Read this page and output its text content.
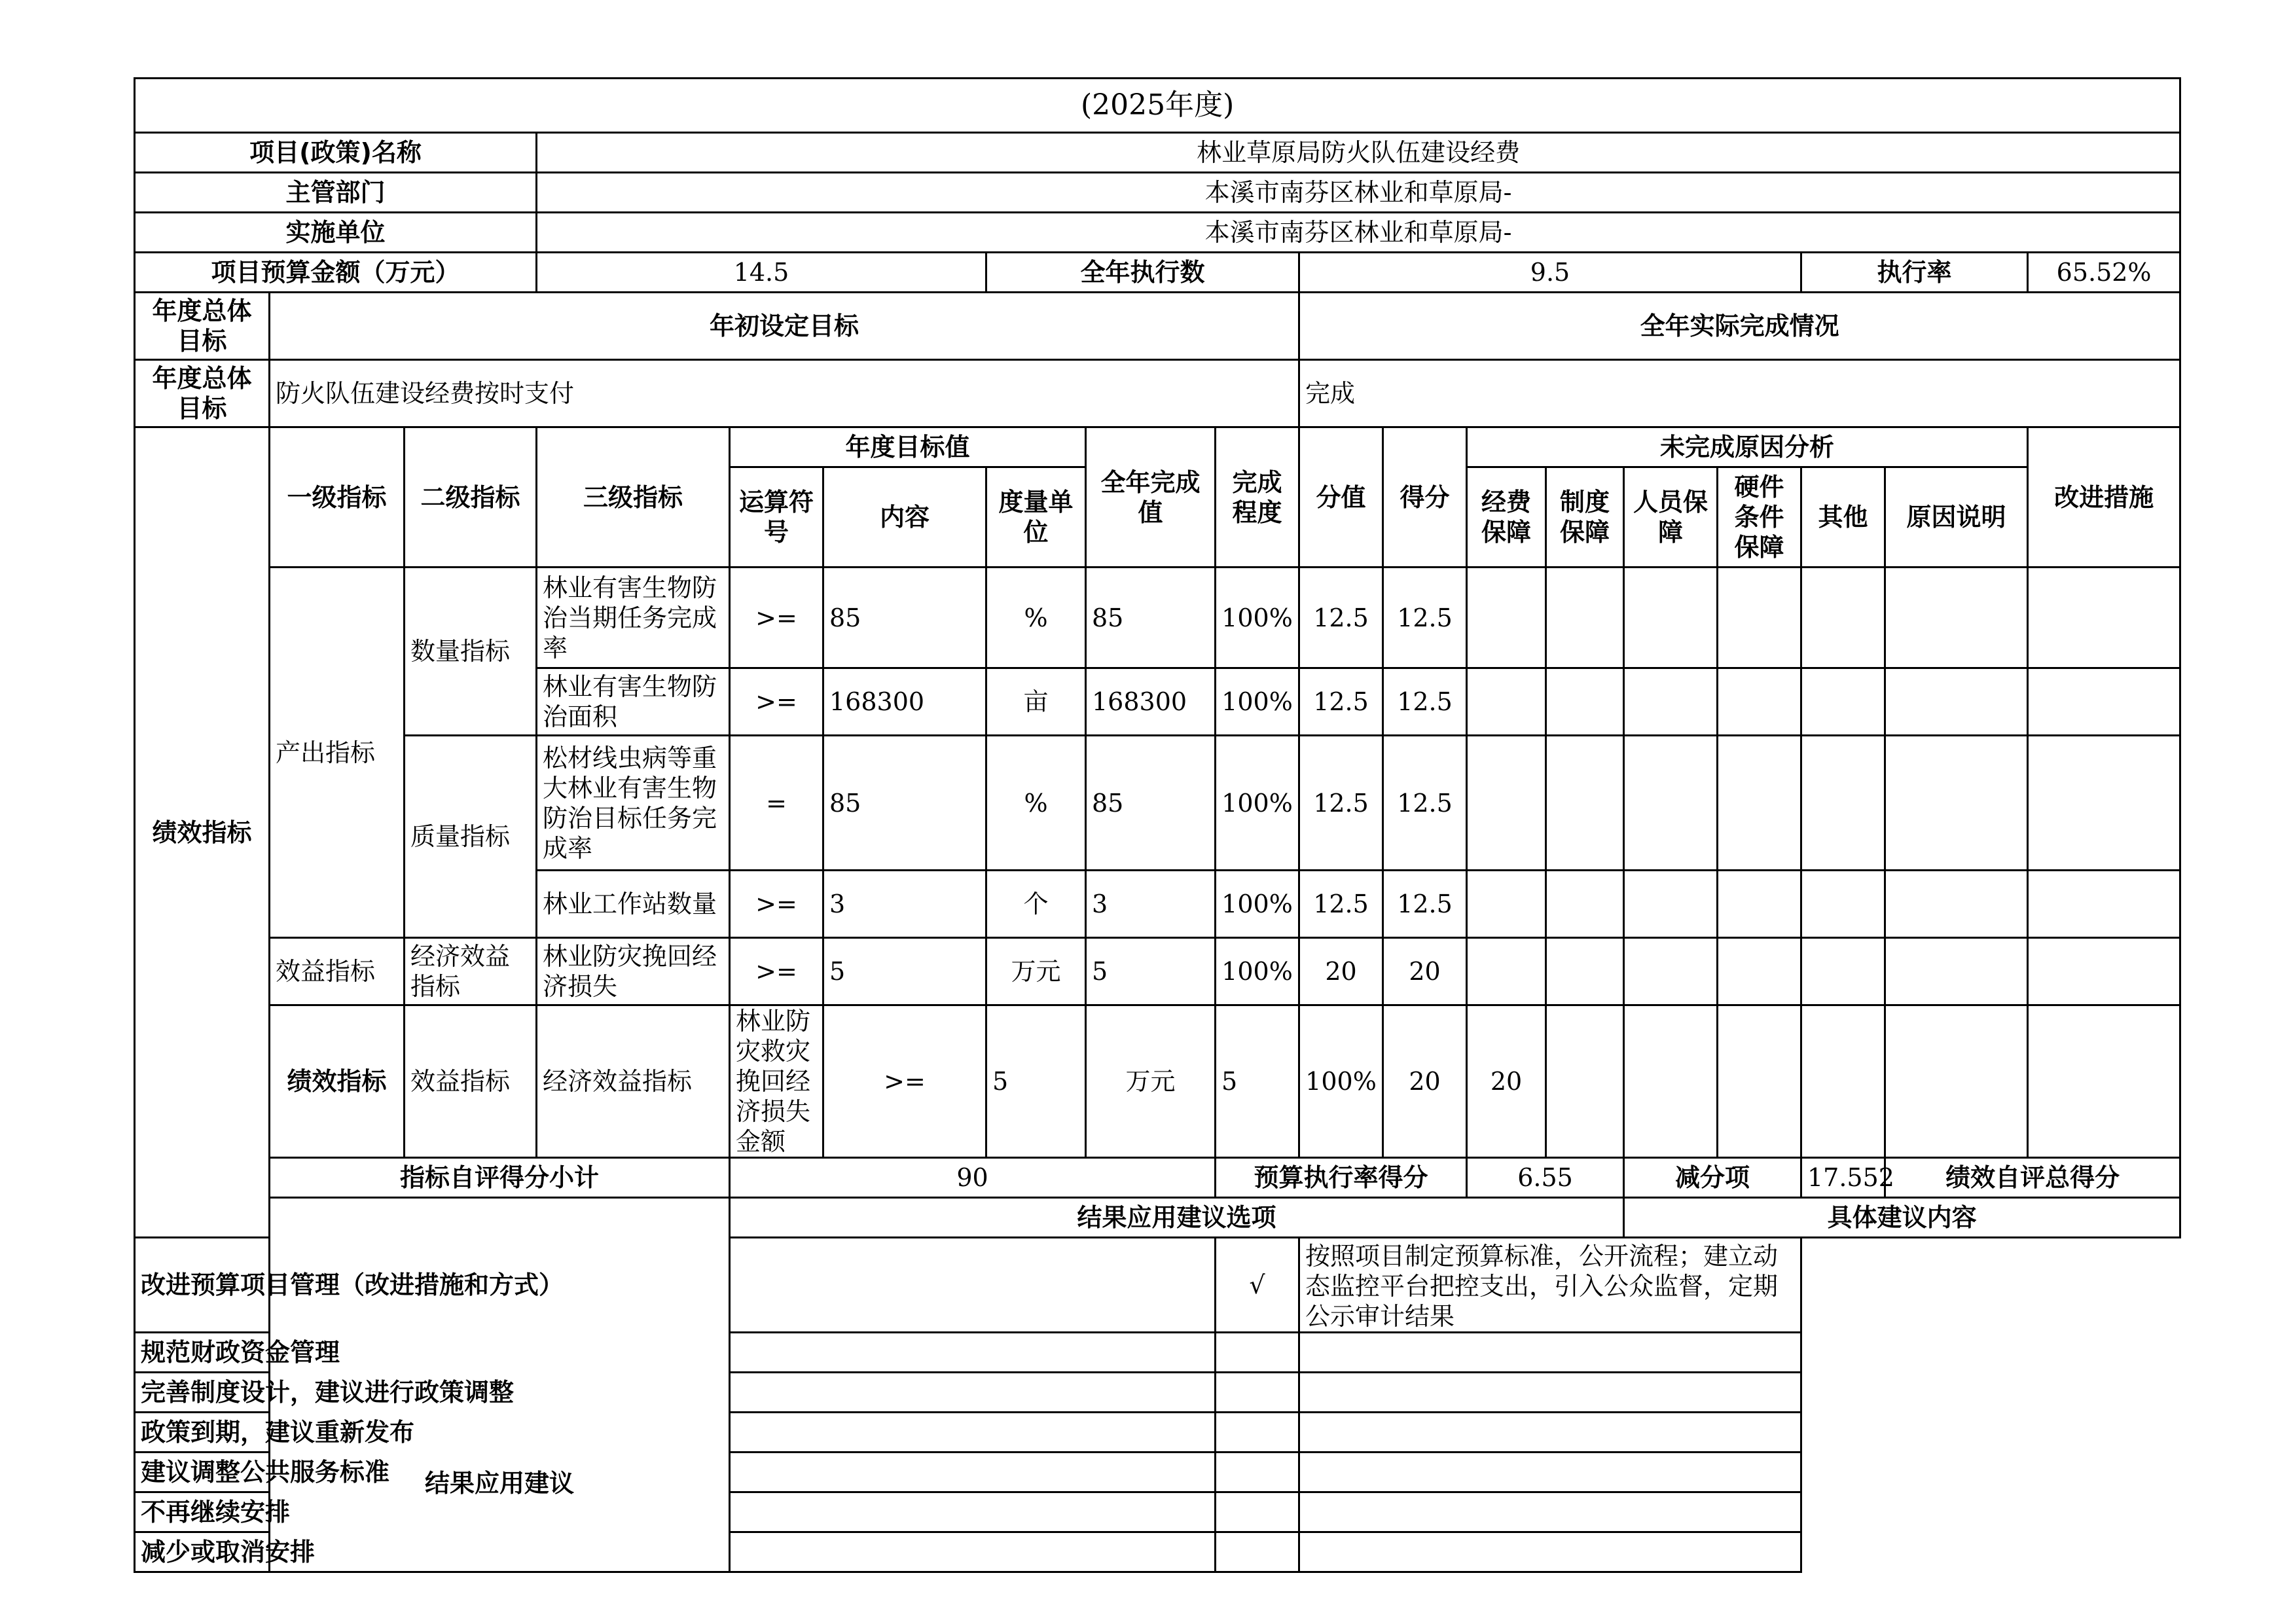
(2025年度)																		
项目(政策)名称			林业草原局防火队伍建设经费															
主管部门			本溪市南芬区林业和草原局-															
实施单位			本溪市南芬区林业和草原局-															
项目预算金额（万元）			14.5			全年执行数			9.5						执行率		65.52%	
年度总体目标	年初设定目标								全年实际完成情况									
年度总体目标	防火队伍建设经费按时支付								完成									
绩效指标	一级指标	二级指标	三级指标	年度目标值			全年完成值	完成程度	分值	得分	未完成原因分析						改进措施	
				运算符号	内容	度量单位					经费保障	制度保障	人员保障	硬件条件保障	其他	原因说明		
	产出指标	数量指标	林业有害生物防治当期任务完成率	>=	85	%	85	100%	12.5	12.5								
			林业有害生物防治面积	>=	168300	亩	168300	100%	12.5	12.5								
		质量指标	松材线虫病等重大林业有害生物防治目标任务完成率	=	85	%	85	100%	12.5	12.5								
			林业工作站数量	>=	3	个	3	100%	12.5	12.5								
	效益指标	经济效益指标	林业防灾挽回经济损失	>=	5	万元	5	100%	20	20								
	绩效指标	效益指标	经济效益指标	林业防灾救灾挽回经济损失金额	>=	5	万元	5	100%	20	20							
	指标自评得分小计			90				预算执行率得分			6.55		减分项		17.552	绩效自评总得分	
	结果应用建议			结果应用建议选项									具体建议内容					
改进预算项目管理（改进措施和方式）								√	按照项目制定预算标准，公开流程；建立动态监控平台把控支出，引入公众监督，定期公示审计结果									
规范财政资金管理																		
完善制度设计，建议进行政策调整																		
政策到期，建议重新发布																		
建议调整公共服务标准																		
不再继续安排																		
减少或取消安排																		
